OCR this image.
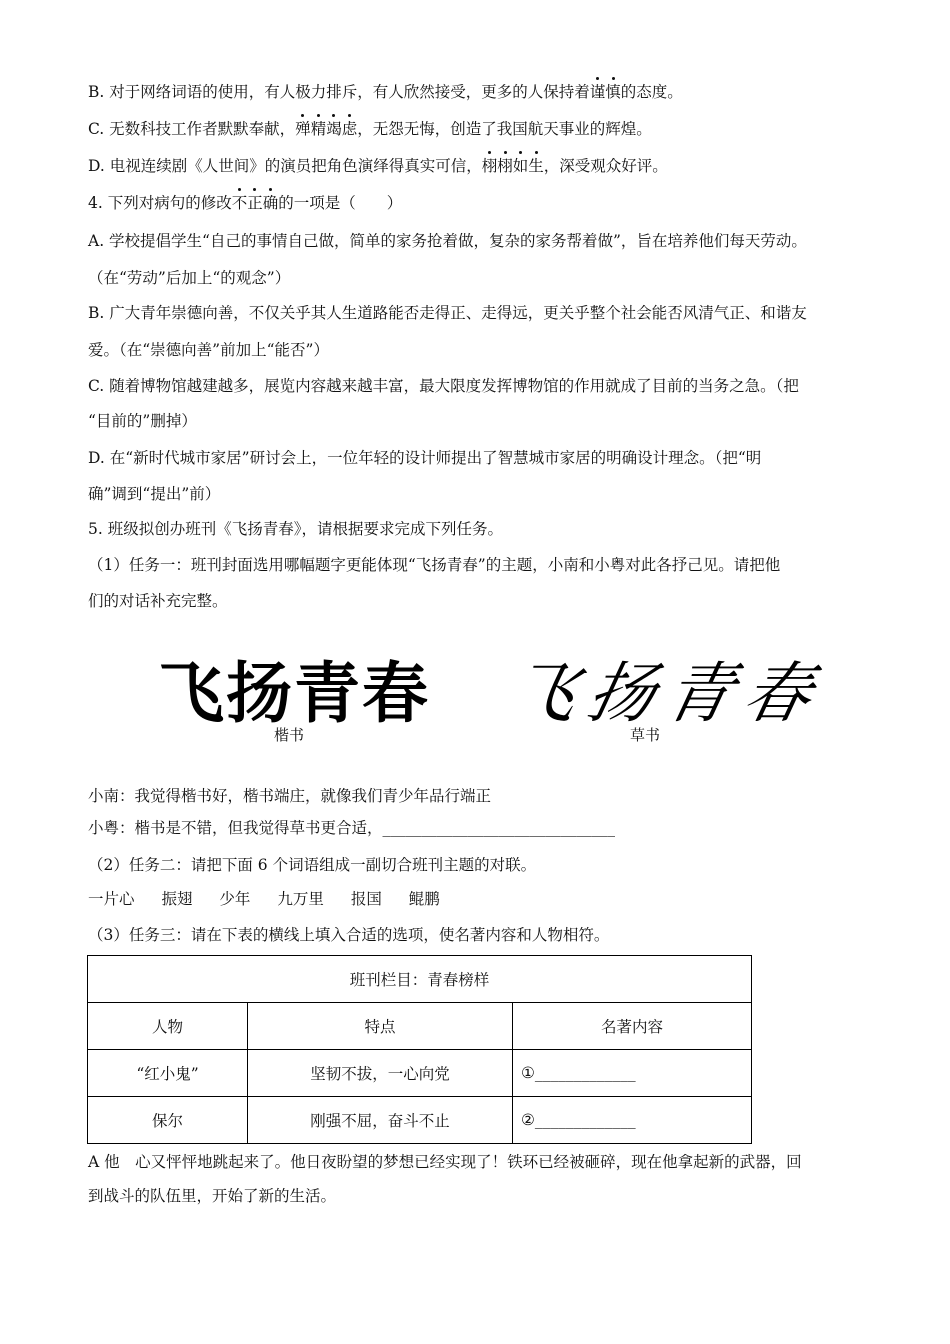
B. 对于网络词语的使用，有人极力排斥，有人欣然接受，更多的人保持着谨慎的态度。
C. 无数科技工作者默默奉献，殚精竭虑，无怨无悔，创造了我国航天事业的辉煌。
D. 电视连续剧《人世间》的演员把角色演绎得真实可信，栩栩如生，深受观众好评。
4. 下列对病句的修改不正确的一项是（　　）
A. 学校提倡学生“自己的事情自己做，简单的家务抢着做，复杂的家务帮着做”，旨在培养他们每天劳动。
（在“劳动”后加上“的观念”）
B. 广大青年崇德向善，不仅关乎其人生道路能否走得正、走得远，更关乎整个社会能否风清气正、和谐友
爱。（在“崇德向善”前加上“能否”）
C. 随着博物馆越建越多，展览内容越来越丰富，最大限度发挥博物馆的作用就成了目前的当务之急。（把
“目前的”删掉）
D. 在“新时代城市家居”研讨会上，一位年轻的设计师提出了智慧城市家居的明确设计理念。（把“明
确”调到“提出”前）
5. 班级拟创办班刊《飞扬青春》，请根据要求完成下列任务。
（1）任务一：班刊封面选用哪幅题字更能体现“飞扬青春”的主题，小南和小粤对此各抒己见。请把他
们的对话补充完整。
飞扬青春 飞扬青春
楷书	草书
小南：我觉得楷书好，楷书端庄，就像我们青少年品行端正
小粤：楷书是不错，但我觉得草书更合适，______________________________
（2）任务二：请把下面 6 个词语组成一副切合班刊主题的对联。
一片心 振翅 少年 九万里 报国 鲲鹏
（3）任务三：请在下表的横线上填入合适的选项，使名著内容和人物相符。
班刊栏目：青春榜样		
人物	特点	名著内容
“红小鬼”	坚韧不拔，一心向党	①_____________
保尔	刚强不屈，奋斗不止	②_____________
A 他　心又怦怦地跳起来了。他日夜盼望的梦想已经实现了！铁环已经被砸碎，现在他拿起新的武器，回
到战斗的队伍里，开始了新的生活。
